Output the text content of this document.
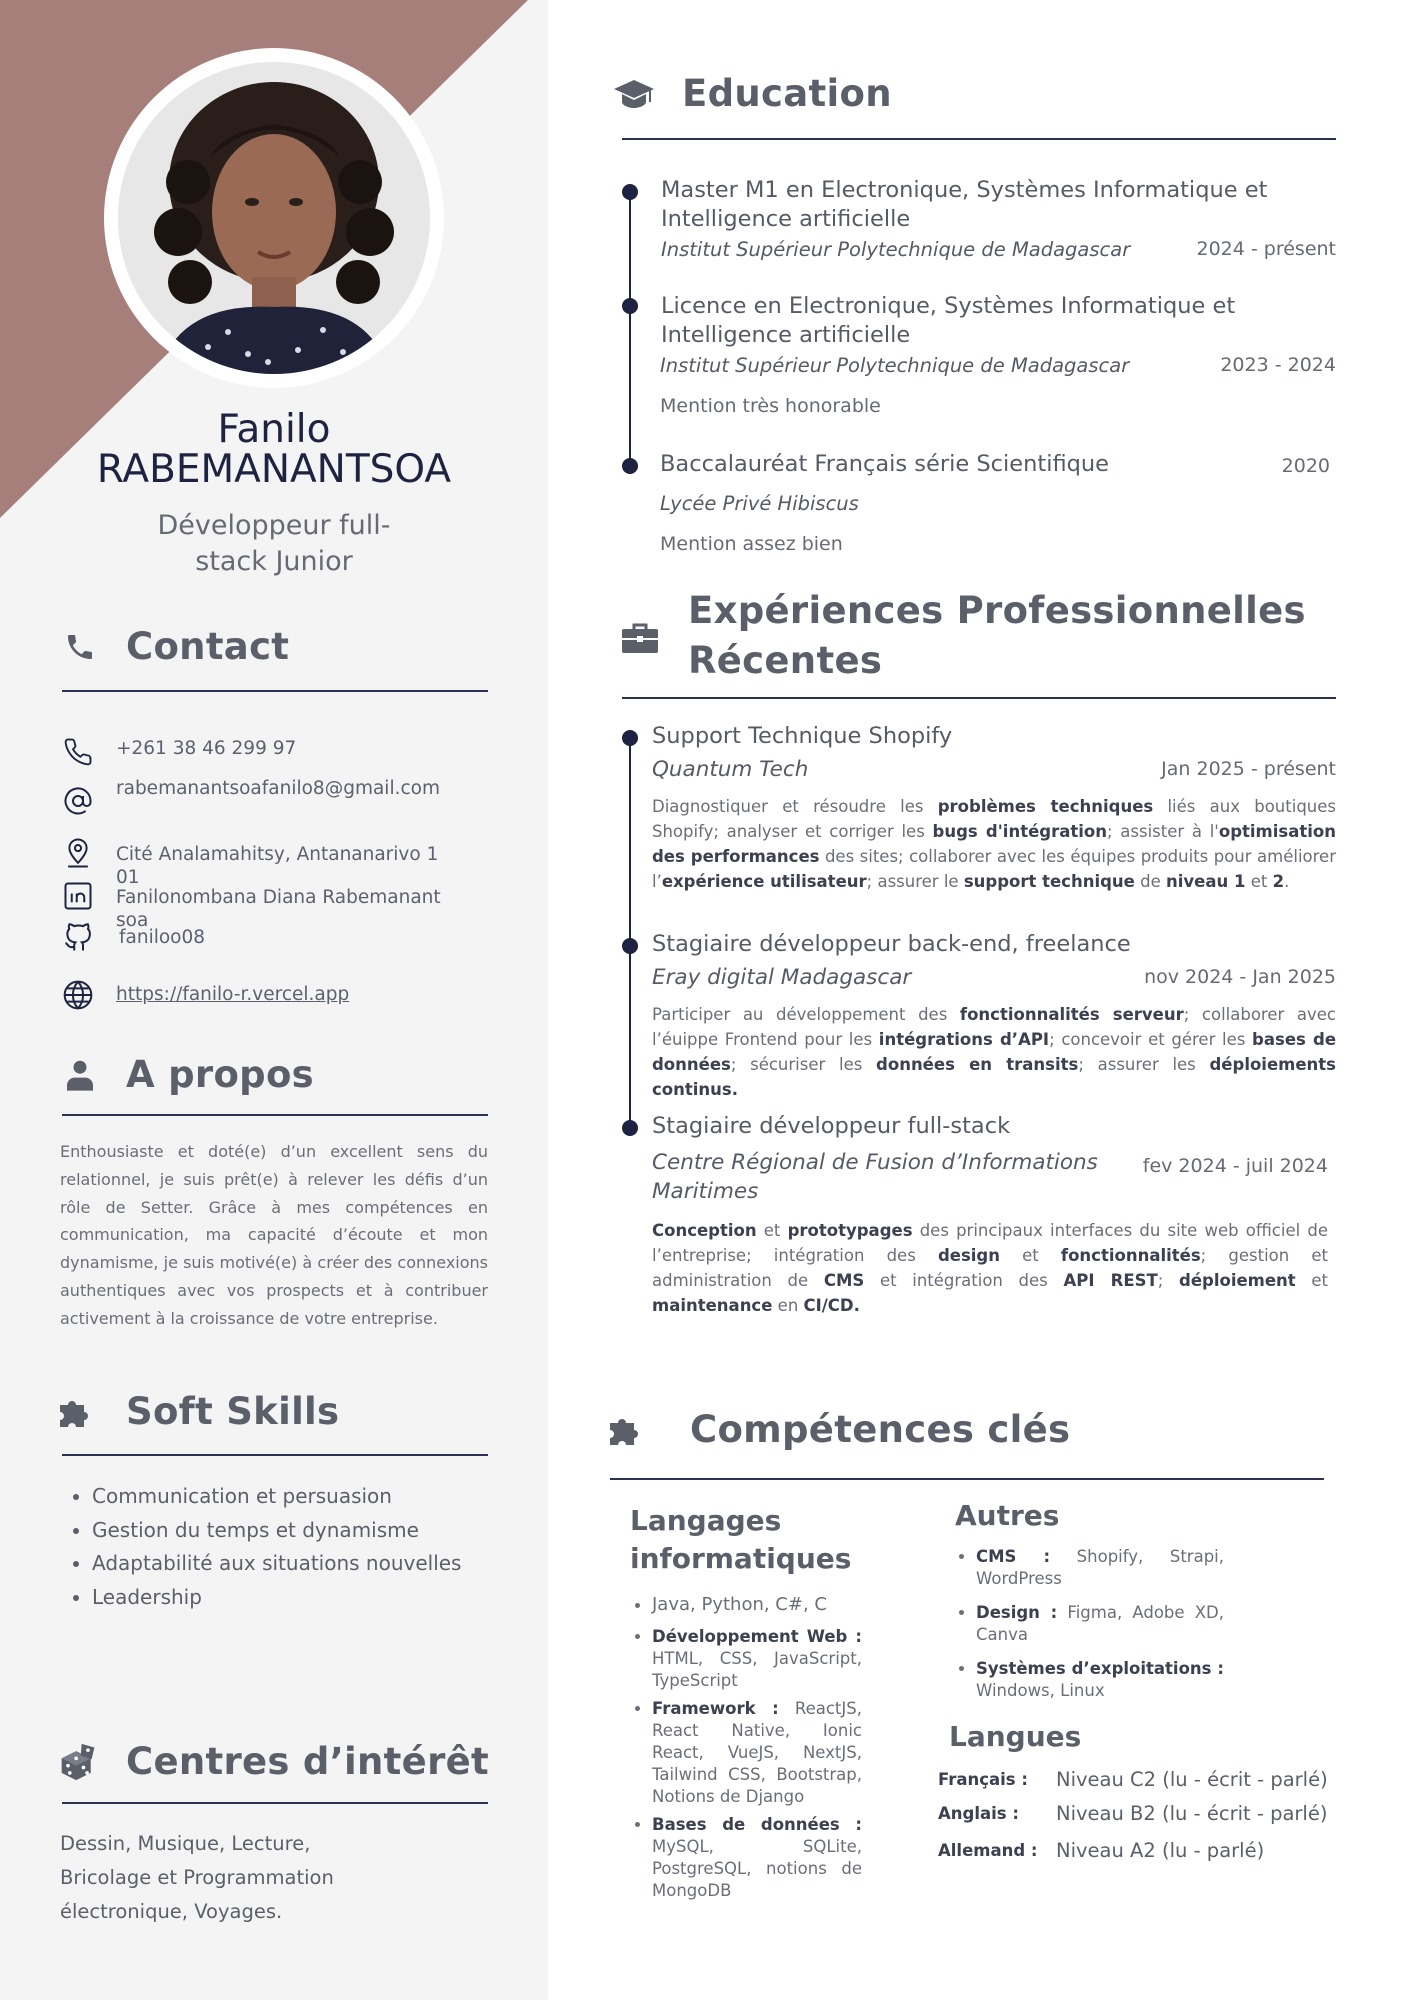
Fanilo
RABEMANANTSOA
Développeur full-
stack Junior
Contact
+261 38 46 299 97
rabemanantsoafanilo8@gmail.com
Cité Analamahitsy, Antananarivo 101
Fanilonombana Diana Rabemanantsoa
faniloo08
https://fanilo-r.vercel.app
A propos
Enthousiaste et doté(e) d’un excellent sens du relationnel, je suis prêt(e) à relever les défis d’un rôle de Setter. Grâce à mes compétences en communication, ma capacité d’écoute et mon dynamisme, je suis motivé(e) à créer des connexions authentiques avec vos prospects et à contribuer activement à la croissance de votre entreprise.
Soft Skills
• Communication et persuasion
• Gestion du temps et dynamisme
• Adaptabilité aux situations nouvelles
• Leadership
Centres d’intérêt
Dessin, Musique, Lecture,
Bricolage et Programmation
électronique, Voyages.
Education
Master M1 en Electronique, Systèmes Informatique et
Intelligence artificielle
Institut Supérieur Polytechnique de Madagascar	2024 - présent
Licence en Electronique, Systèmes Informatique et
Intelligence artificielle
Institut Supérieur Polytechnique de Madagascar	2023 - 2024
Mention très honorable
Baccalauréat Français série Scientifique	2020
Lycée Privé Hibiscus
Mention assez bien
Expériences Professionnelles
Récentes
Support Technique Shopify
Quantum Tech	Jan 2025 - présent
Diagnostiquer et résoudre les problèmes techniques liés aux boutiques Shopify; analyser et corriger les bugs d'intégration; assister à l'optimisation des performances des sites; collaborer avec les équipes produits pour améliorer l’expérience utilisateur; assurer le support technique de niveau 1 et 2.
Stagiaire développeur back-end, freelance
Eray digital Madagascar	nov 2024 - Jan 2025
Participer au développement des fonctionnalités serveur; collaborer avec l’éuippe Frontend pour les intégrations d’API; concevoir et gérer les bases de données; sécuriser les données en transits; assurer les déploiements continus.
Stagiaire développeur full-stack
Centre Régional de Fusion d’Informations
Maritimes
fev 2024 - juil 2024
Conception et prototypages des principaux interfaces du site web officiel de l’entreprise; intégration des design et fonctionnalités; gestion et administration de CMS et intégration des API REST; déploiement et maintenance en CI/CD.
Compétences clés
Langages
informatiques
• Java, Python, C#, C
• Développement Web : HTML, CSS, JavaScript, TypeScript
• Framework : ReactJS, React Native, Ionic React, VueJS, NextJS, Tailwind CSS, Bootstrap, Notions de Django
• Bases de données : MySQL, SQLite, PostgreSQL, notions de MongoDB
Autres
• CMS : Shopify, Strapi, WordPress
• Design : Figma, Adobe XD, Canva
• Systèmes d’exploitations : Windows, Linux
Langues
Français :	Niveau C2 (lu - écrit - parlé)
Anglais :	Niveau B2 (lu - écrit - parlé)
Allemand : Niveau A2 (lu - parlé)
